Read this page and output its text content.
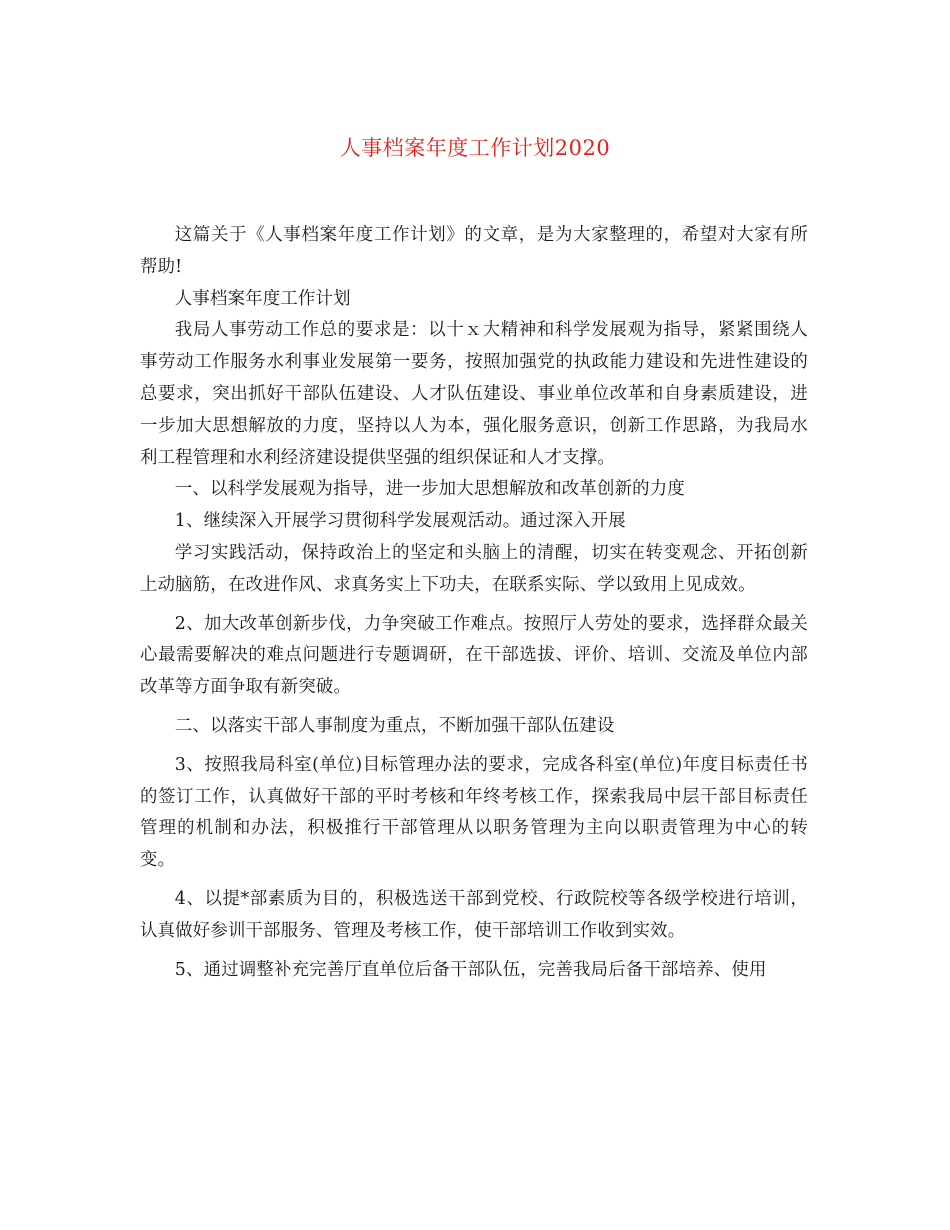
人事档案年度工作计划2020

这篇关于《人事档案年度工作计划》的文章，是为大家整理的，希望对大家有所帮助!

人事档案年度工作计划

我局人事劳动工作总的要求是：以十ｘ大精神和科学发展观为指导，紧紧围绕人事劳动工作服务水利事业发展第一要务，按照加强党的执政能力建设和先进性建设的总要求，突出抓好干部队伍建设、人才队伍建设、事业单位改革和自身素质建设，进一步加大思想解放的力度，坚持以人为本，强化服务意识，创新工作思路，为我局水利工程管理和水利经济建设提供坚强的组织保证和人才支撑。

一、以科学发展观为指导，进一步加大思想解放和改革创新的力度

1、继续深入开展学习贯彻科学发展观活动。通过深入开展

学习实践活动，保持政治上的坚定和头脑上的清醒，切实在转变观念、开拓创新上动脑筋，在改进作风、求真务实上下功夫，在联系实际、学以致用上见成效。

2、加大改革创新步伐，力争突破工作难点。按照厅人劳处的要求，选择群众最关心最需要解决的难点问题进行专题调研，在干部选拔、评价、培训、交流及单位内部改革等方面争取有新突破。

二、以落实干部人事制度为重点，不断加强干部队伍建设

3、按照我局科室(单位)目标管理办法的要求，完成各科室(单位)年度目标责任书的签订工作，认真做好干部的平时考核和年终考核工作，探索我局中层干部目标责任管理的机制和办法，积极推行干部管理从以职务管理为主向以职责管理为中心的转变。

4、以提*部素质为目的，积极选送干部到党校、行政院校等各级学校进行培训，认真做好参训干部服务、管理及考核工作，使干部培训工作收到实效。

5、通过调整补充完善厅直单位后备干部队伍，完善我局后备干部培养、使用
